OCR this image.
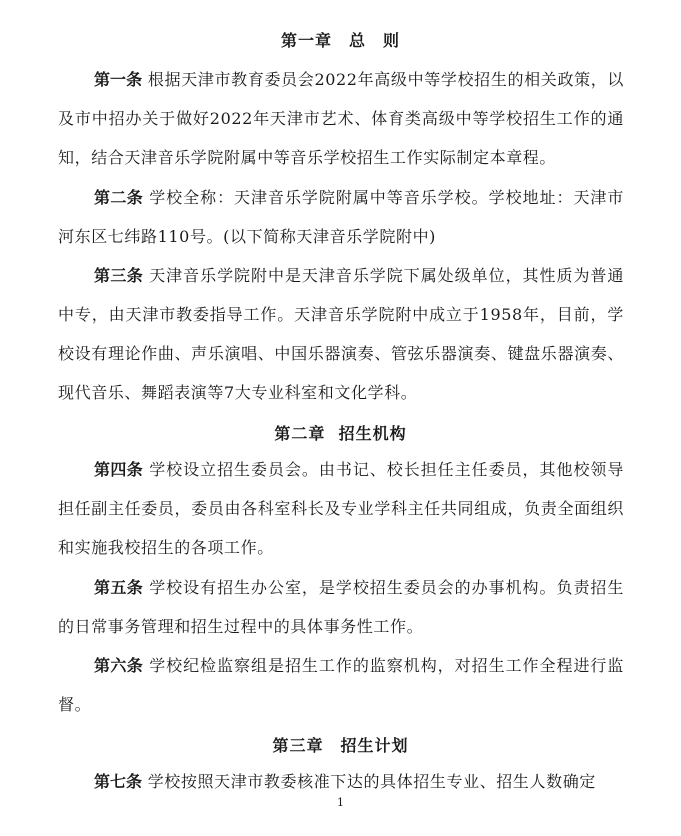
第一章　总　则
第一条 根据天津市教育委员会2022年高级中等学校招生的相关政策，以及市中招办关于做好2022年天津市艺术、体育类高级中等学校招生工作的通知，结合天津音乐学院附属中等音乐学校招生工作实际制定本章程。
第二条 学校全称：天津音乐学院附属中等音乐学校。学校地址：天津市河东区七纬路110号。(以下简称天津音乐学院附中)
第三条 天津音乐学院附中是天津音乐学院下属处级单位，其性质为普通中专，由天津市教委指导工作。天津音乐学院附中成立于1958年，目前，学校设有理论作曲、声乐演唱、中国乐器演奏、管弦乐器演奏、键盘乐器演奏、现代音乐、舞蹈表演等7大专业科室和文化学科。
第二章  招生机构
第四条 学校设立招生委员会。由书记、校长担任主任委员，其他校领导担任副主任委员，委员由各科室科长及专业学科主任共同组成，负责全面组织和实施我校招生的各项工作。
第五条 学校设有招生办公室，是学校招生委员会的办事机构。负责招生的日常事务管理和招生过程中的具体事务性工作。
第六条 学校纪检监察组是招生工作的监察机构，对招生工作全程进行监督。
第三章　招生计划
第七条 学校按照天津市教委核准下达的具体招生专业、招生人数确定
1
